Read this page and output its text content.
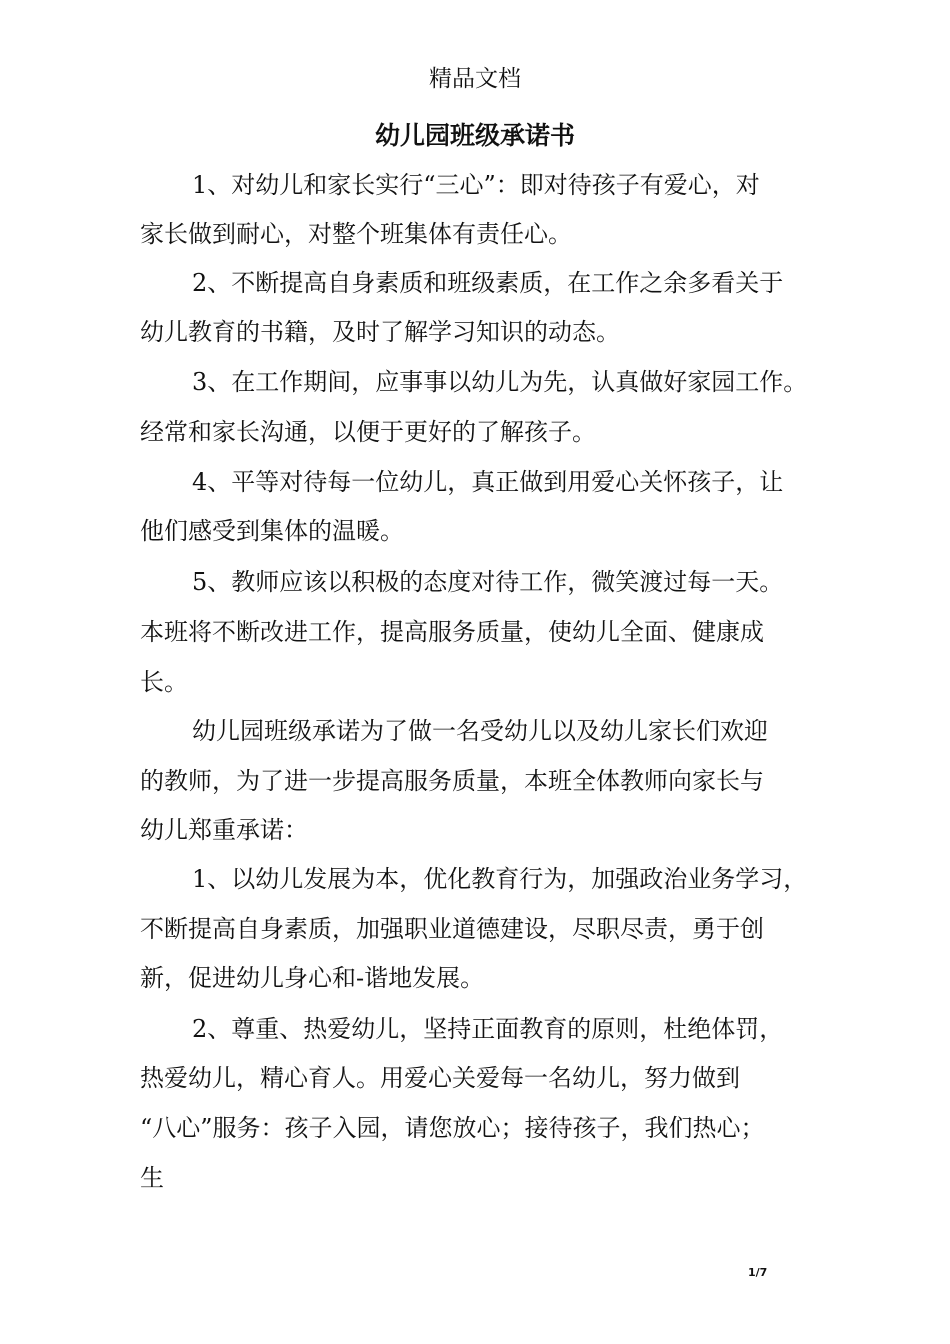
精品文档
幼儿园班级承诺书
1、对幼儿和家长实行“三心”：即对待孩子有爱心，对
家长做到耐心，对整个班集体有责任心。
2、不断提高自身素质和班级素质，在工作之余多看关于
幼儿教育的书籍，及时了解学习知识的动态。
3、在工作期间，应事事以幼儿为先，认真做好家园工作。
经常和家长沟通，以便于更好的了解孩子。
4、平等对待每一位幼儿，真正做到用爱心关怀孩子，让
他们感受到集体的温暖。
5、教师应该以积极的态度对待工作，微笑渡过每一天。
本班将不断改进工作，提高服务质量，使幼儿全面、健康成
长。
幼儿园班级承诺为了做一名受幼儿以及幼儿家长们欢迎
的教师，为了进一步提高服务质量，本班全体教师向家长与
幼儿郑重承诺：
1、以幼儿发展为本，优化教育行为，加强政治业务学习，
不断提高自身素质，加强职业道德建设，尽职尽责，勇于创
新，促进幼儿身心和-谐地发展。
2、尊重、热爱幼儿，坚持正面教育的原则，杜绝体罚，
热爱幼儿，精心育人。用爱心关爱每一名幼儿，努力做到
“八心”服务：孩子入园，请您放心；接待孩子，我们热心；
生
1/7
